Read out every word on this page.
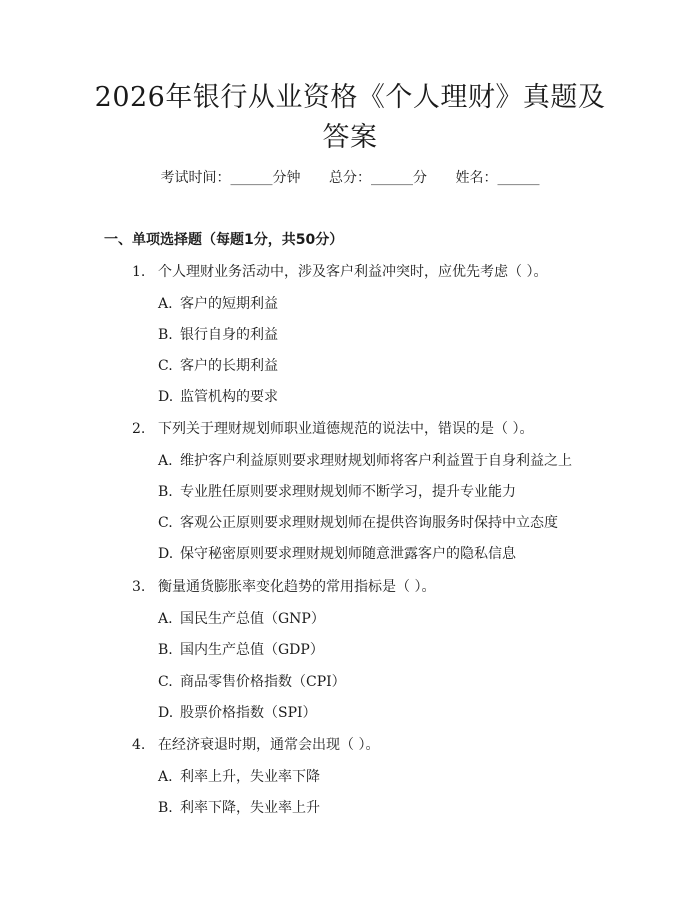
2026年银行从业资格《个人理财》真题及答案
考试时间：______分钟 总分：______分 姓名：______
一、单项选择题（每题1分，共50分）
1. 个人理财业务活动中，涉及客户利益冲突时，应优先考虑（ ）。
A. 客户的短期利益
B. 银行自身的利益
C. 客户的长期利益
D. 监管机构的要求
2. 下列关于理财规划师职业道德规范的说法中，错误的是（ ）。
A. 维护客户利益原则要求理财规划师将客户利益置于自身利益之上
B. 专业胜任原则要求理财规划师不断学习，提升专业能力
C. 客观公正原则要求理财规划师在提供咨询服务时保持中立态度
D. 保守秘密原则要求理财规划师随意泄露客户的隐私信息
3. 衡量通货膨胀率变化趋势的常用指标是（ ）。
A. 国民生产总值（GNP）
B. 国内生产总值（GDP）
C. 商品零售价格指数（CPI）
D. 股票价格指数（SPI）
4. 在经济衰退时期，通常会出现（ ）。
A. 利率上升，失业率下降
B. 利率下降，失业率上升
